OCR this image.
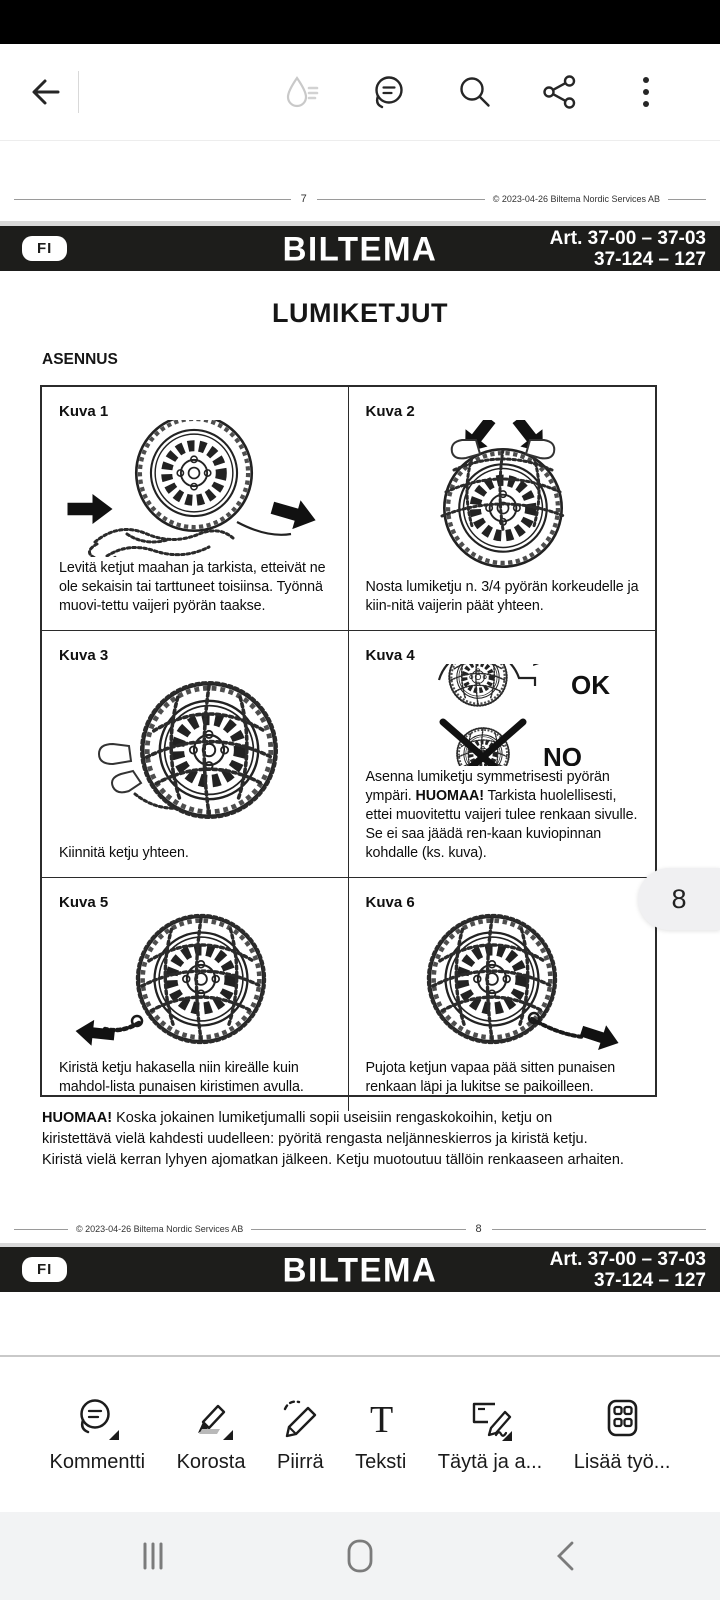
7	© 2023-04-26 Biltema Nordic Services AB
BILTEMA
FI	Art. 37-00 – 37-03
37-124 – 127
LUMIKETJUT
ASENNUS
Kuva 1
Levitä ketjut maahan ja tarkista, etteivät ne ole sekaisin tai tarttuneet toisiinsa. Työnnä muovi-tettu vaijeri pyörän taakse.
Kuva 2
Nosta lumiketju n. 3/4 pyörän korkeudelle ja kiin-nitä vaijerin päät yhteen.
Kuva 3
Kiinnitä ketju yhteen.
Kuva 4
OK
NO
Asenna lumiketju symmetrisesti pyörän ympäri. HUOMAA! Tarkista huolellisesti, ettei muovitettu vaijeri tulee renkaan sivulle. Se ei saa jäädä ren-kaan kuviopinnan kohdalle (ks. kuva).
Kuva 5
Kiristä ketju hakasella niin kireälle kuin mahdol-lista punaisen kiristimen avulla.
Kuva 6
Pujota ketjun vapaa pää sitten punaisen renkaan läpi ja lukitse se paikoilleen.
HUOMAA! Koska jokainen lumiketjumalli sopii useisiin rengaskokoihin, ketju on
kiristettävä vielä kahdesti uudelleen: pyöritä rengasta neljänneskierros ja kiristä ketju.
Kiristä vielä kerran lyhyen ajomatkan jälkeen. Ketju muotoutuu tällöin renkaaseen arhaiten.
© 2023-04-26 Biltema Nordic Services AB	8
BILTEMA
FI	Art. 37-00 – 37-03
37-124 – 127
8
Kommentti Korosta Piirrä
T
Teksti Täytä ja a... Lisää työ...
